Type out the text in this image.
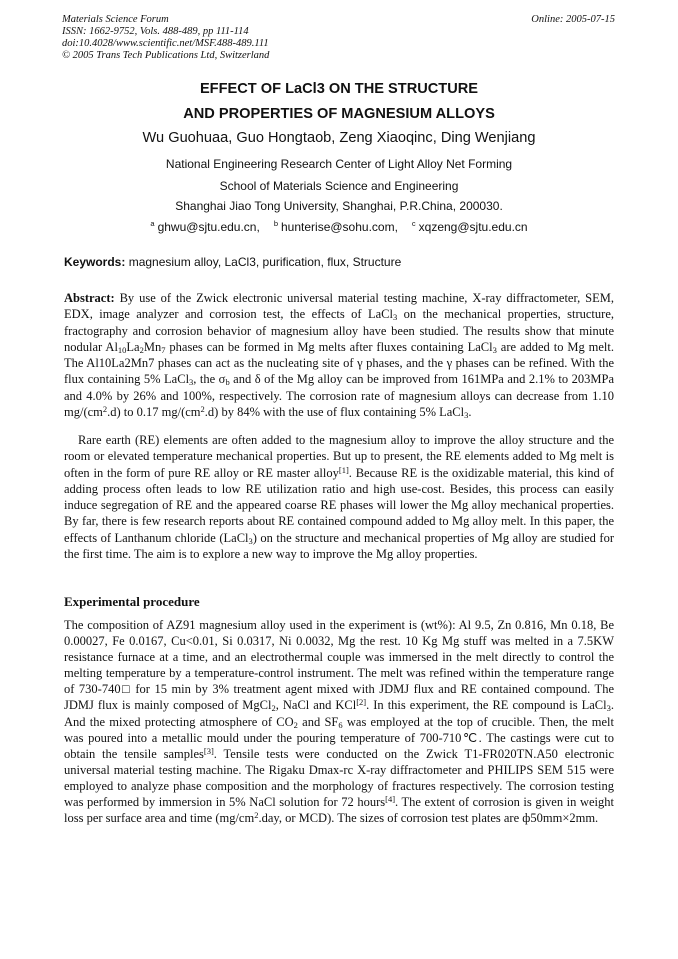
Materials Science Forum
ISSN: 1662-9752, Vols. 488-489, pp 111-114
doi:10.4028/www.scientific.net/MSF.488-489.111
© 2005 Trans Tech Publications Ltd, Switzerland
Online: 2005-07-15
EFFECT OF LaCl3 ON THE STRUCTURE
AND PROPERTIES OF MAGNESIUM ALLOYS
Wu Guohuaa, Guo Hongtaob, Zeng Xiaoqinc, Ding Wenjiang
National Engineering Research Center of Light Alloy Net Forming
School of Materials Science and Engineering
Shanghai Jiao Tong University, Shanghai, P.R.China, 200030.
$^a$ ghwu@sjtu.edu.cn, $^b$ hunterise@sohu.com, $^c$ xqzeng@sjtu.edu.cn
Keywords: magnesium alloy, LaCl3, purification, flux, Structure
Abstract: By use of the Zwick electronic universal material testing machine, X-ray diffractometer, SEM, EDX, image analyzer and corrosion test, the effects of LaCl$_3$ on the mechanical properties, structure, fractography and corrosion behavior of magnesium alloy have been studied. The results show that minute nodular $Al_{10}La_2Mn_7$ phases can be formed in Mg melts after fluxes containing LaCl$_3$ are added to Mg melt. The Al10La2Mn7 phases can act as the nucleating site of γ phases, and the γ phases can be refined. With the flux containing 5% LaCl$_3$, the $\sigma_b$ and δ of the Mg alloy can be improved from 161MPa and 2.1% to 203MPa and 4.0% by 26% and 100%, respectively. The corrosion rate of magnesium alloys can decrease from 1.10 $mg/(cm^2.d)$ to 0.17 $mg/(cm^2.d)$ by 84% with the use of flux containing 5% LaCl$_3$.
Rare earth (RE) elements are often added to the magnesium alloy to improve the alloy structure and the room or elevated temperature mechanical properties. But up to present, the RE elements added to Mg melt is often in the form of pure RE alloy or RE master alloy[1]. Because RE is the oxidizable material, this kind of adding process often leads to low RE utilization ratio and high use-cost. Besides, this process can easily induce segregation of RE and the appeared coarse RE phases will lower the Mg alloy mechanical properties. By far, there is few research reports about RE contained compound added to Mg alloy melt. In this paper, the effects of Lanthanum chloride (LaCl$_3$) on the structure and mechanical properties of Mg alloy are studied for the first time. The aim is to explore a new way to improve the Mg alloy properties.
Experimental procedure
The composition of AZ91 magnesium alloy used in the experiment is (wt%): Al 9.5, Zn 0.816, Mn 0.18, Be 0.00027, Fe 0.0167, Cu<0.01, Si 0.0317, Ni 0.0032, Mg the rest. 10 Kg Mg stuff was melted in a 7.5KW resistance furnace at a time, and an electrothermal couple was immersed in the melt directly to control the melting temperature by a temperature-control instrument. The melt was refined within the temperature range of 730-740□ for 15 min by 3% treatment agent mixed with JDMJ flux and RE contained compound. The JDMJ flux is mainly composed of MgCl$_2$, NaCl and KCl[2]. In this experiment, the RE compound is LaCl$_3$. And the mixed protecting atmosphere of $CO_2$ and $SF_6$ was employed at the top of crucible. Then, the melt was poured into a metallic mould under the pouring temperature of 700-710℃. The castings were cut to obtain the tensile samples[3]. Tensile tests were conducted on the Zwick T1-FR020TN.A50 electronic universal material testing machine. The Rigaku Dmax-rc X-ray diffractometer and PHILIPS SEM 515 were employed to analyze phase composition and the morphology of fractures respectively. The corrosion testing was performed by immersion in 5% NaCl solution for 72 hours[4]. The extent of corrosion is given in weight loss per surface area and time ($mg/cm^2.day$, or MCD). The sizes of corrosion test plates are ф50mm×2mm.
